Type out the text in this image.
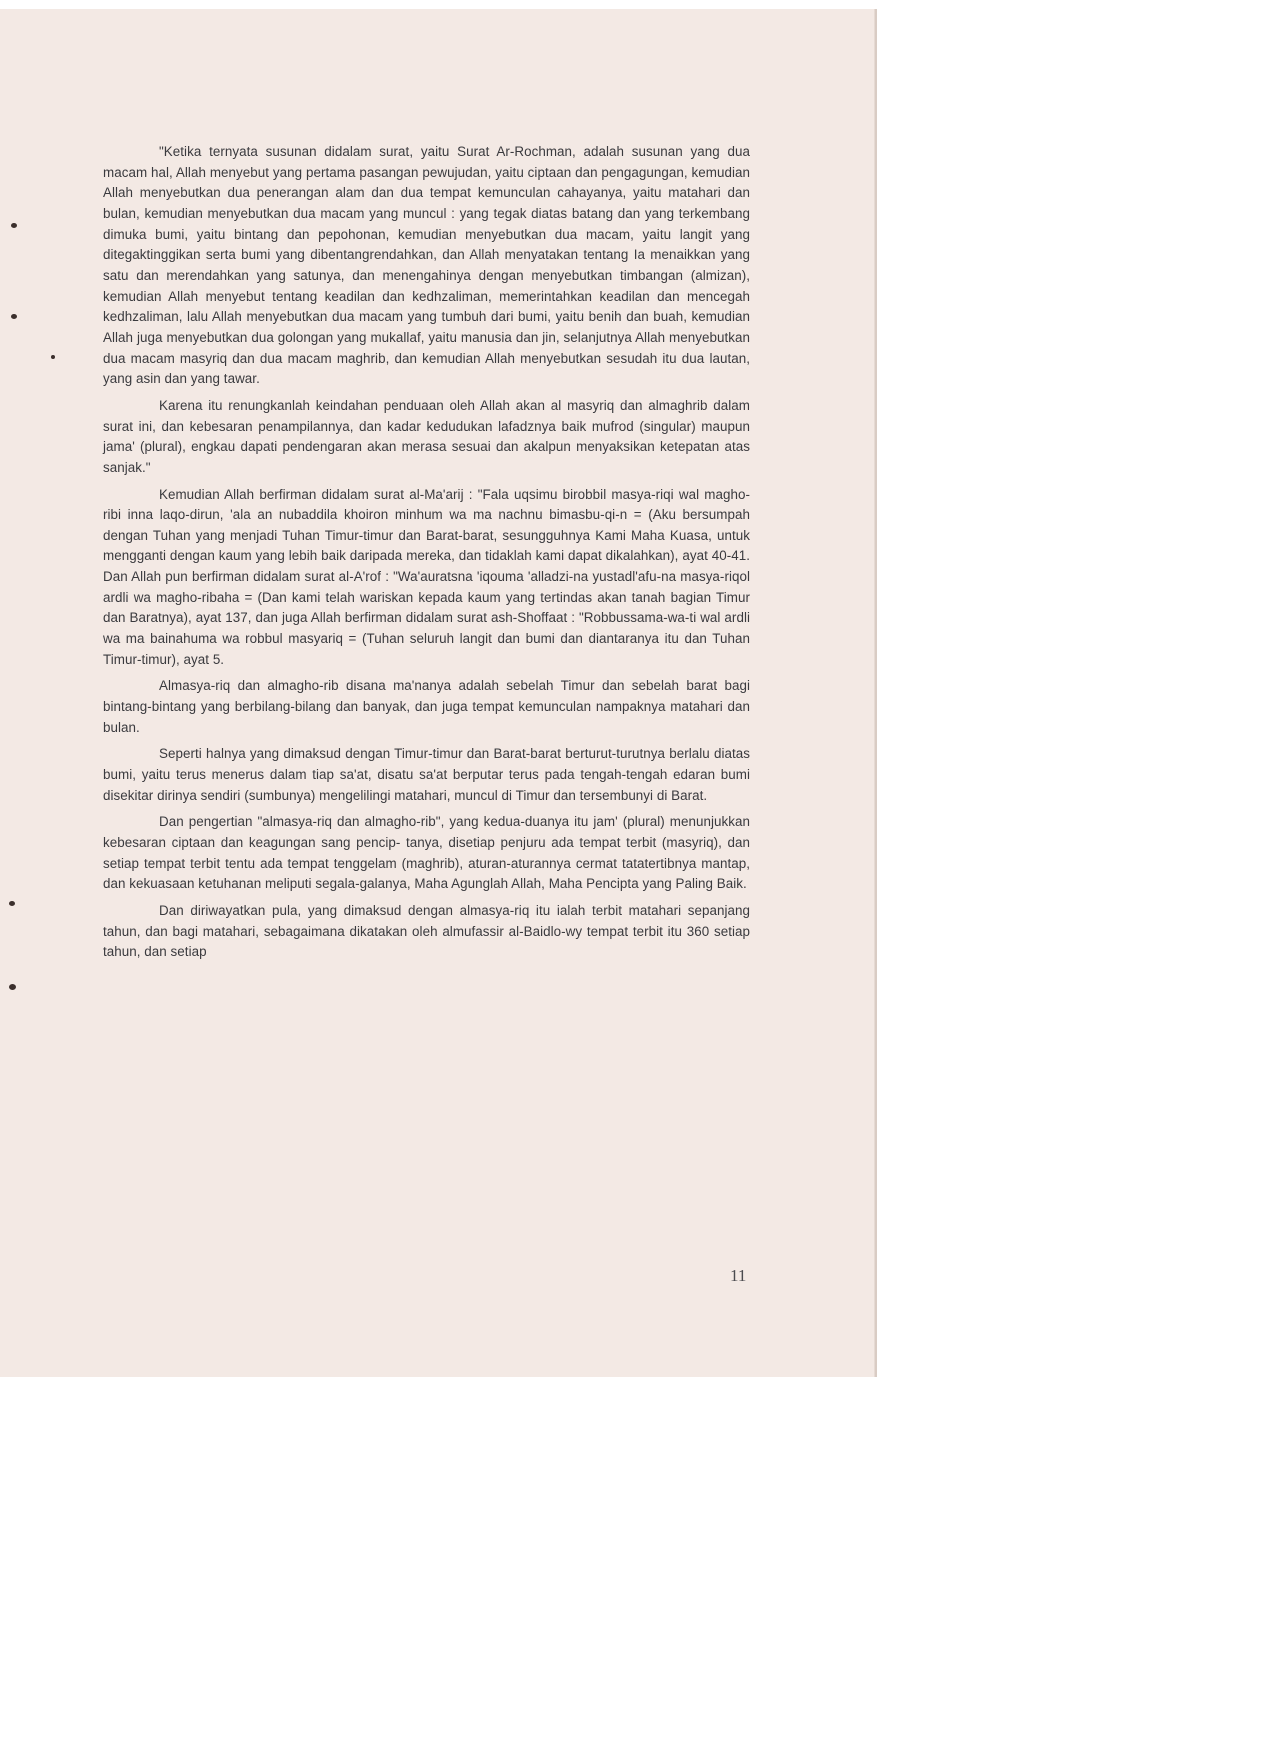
"Ketika ternyata susunan didalam surat, yaitu Surat Ar-Rochman, adalah susunan yang dua macam hal, Allah menyebut yang pertama pasangan pewujudan, yaitu ciptaan dan pengagungan, kemudian Allah menyebutkan dua penerangan alam dan dua tempat kemunculan cahayanya, yaitu matahari dan bulan, kemudian menyebutkan dua macam yang muncul : yang tegak diatas batang dan yang terkembang dimuka bumi, yaitu bintang dan pepohonan, kemudian menyebutkan dua macam, yaitu langit yang ditegaktinggikan serta bumi yang dibentangrendahkan, dan Allah menyatakan tentang Ia menaikkan yang satu dan merendahkan yang satunya, dan menengahinya dengan menyebutkan timbangan (almizan), kemudian Allah menyebut tentang keadilan dan kedhzaliman, memerintahkan keadilan dan mencegah kedhzaliman, lalu Allah menyebutkan dua macam yang tumbuh dari bumi, yaitu benih dan buah, kemudian Allah juga menyebutkan dua golongan yang mukallaf, yaitu manusia dan jin, selanjutnya Allah menyebutkan dua macam masyriq dan dua macam maghrib, dan kemudian Allah menyebutkan sesudah itu dua lautan, yang asin dan yang tawar.

Karena itu renungkanlah keindahan penduaan oleh Allah akan al masyriq dan almaghrib dalam surat ini, dan kebesaran penampilannya, dan kadar kedudukan lafadznya baik mufrod (singular) maupun jama' (plural), engkau dapati pendengaran akan merasa sesuai dan akalpun menyaksikan ketepatan atas sanjak."

Kemudian Allah berfirman didalam surat al-Ma'arij : "Fala uqsimu birobbil masya-riqi wal magho-ribi inna laqo-dirun, 'ala an nubaddila khoiron minhum wa ma nachnu bimasbu-qi-n = (Aku bersumpah dengan Tuhan yang menjadi Tuhan Timur-timur dan Barat-barat, sesungguhnya Kami Maha Kuasa, untuk mengganti dengan kaum yang lebih baik daripada mereka, dan tidaklah kami dapat dikalahkan), ayat 40-41. Dan Allah pun berfirman didalam surat al-A'rof : "Wa'auratsna 'iqouma 'alladzi-na yustadl'afu-na masya-riqol ardli wa magho-ribaha = (Dan kami telah wariskan kepada kaum yang tertindas akan tanah bagian Timur dan Baratnya), ayat 137, dan juga Allah berfirman didalam surat ash-Shoffaat : "Robbussama-wa-ti wal ardli wa ma bainahuma wa robbul masyariq = (Tuhan seluruh langit dan bumi dan diantaranya itu dan Tuhan Timur-timur), ayat 5.

Almasya-riq dan almagho-rib disana ma'nanya adalah sebelah Timur dan sebelah barat bagi bintang-bintang yang berbilang-bilang dan banyak, dan juga tempat kemunculan nampaknya matahari dan bulan.

Seperti halnya yang dimaksud dengan Timur-timur dan Barat-barat berturut-turutnya berlalu diatas bumi, yaitu terus menerus dalam tiap sa'at, disatu sa'at berputar terus pada tengah-tengah edaran bumi disekitar dirinya sendiri (sumbunya) mengelilingi matahari, muncul di Timur dan tersembunyi di Barat.

Dan pengertian "almasya-riq dan almagho-rib", yang kedua-duanya itu jam' (plural) menunjukkan kebesaran ciptaan dan keagungan sang pencip- tanya, disetiap penjuru ada tempat terbit (masyriq), dan setiap tempat terbit tentu ada tempat tenggelam (maghrib), aturan-aturannya cermat tatatertibnya mantap, dan kekuasaan ketuhanan meliputi segala-galanya, Maha Agunglah Allah, Maha Pencipta yang Paling Baik.

Dan diriwayatkan pula, yang dimaksud dengan almasya-riq itu ialah terbit matahari sepanjang tahun, dan bagi matahari, sebagaimana dikatakan oleh almufassir al-Baidlo-wy tempat terbit itu 360 setiap tahun, dan setiap

11
